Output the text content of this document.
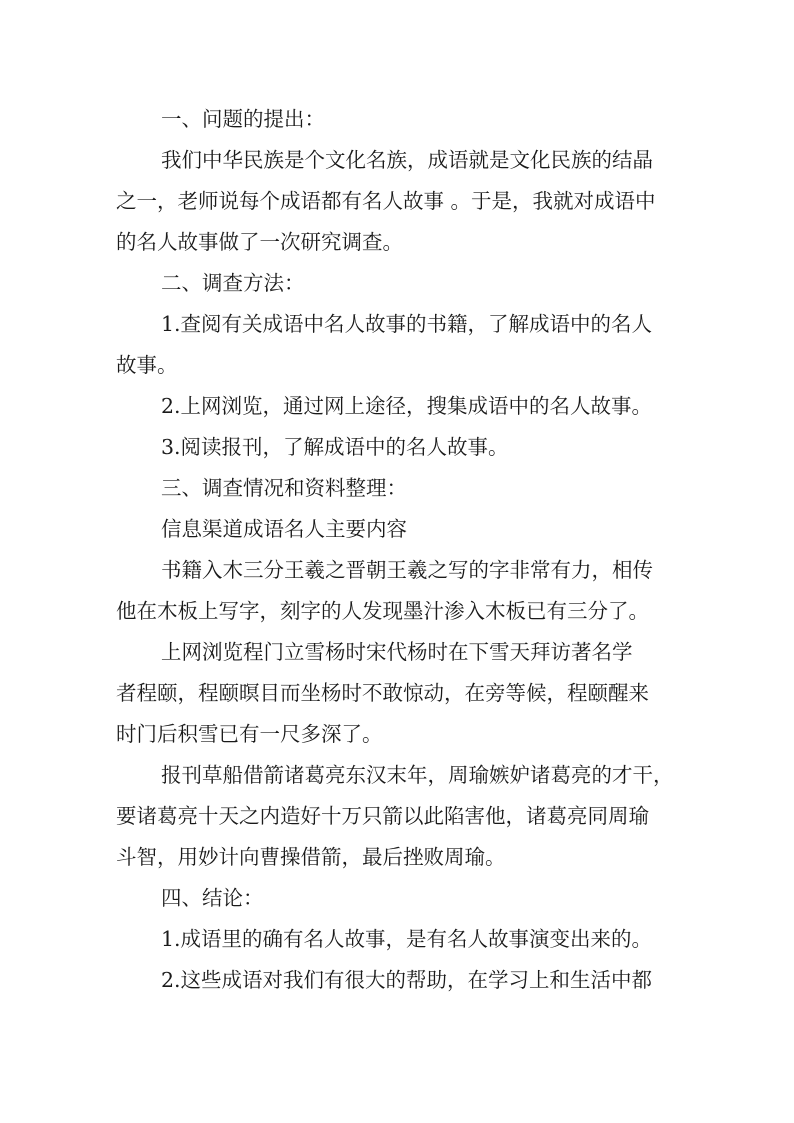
一、问题的提出：

我们中华民族是个文化名族，成语就是文化民族的结晶

之一，老师说每个成语都有名人故事 。于是，我就对成语中

的名人故事做了一次研究调查。

二、调查方法：

1.查阅有关成语中名人故事的书籍，了解成语中的名人

故事。

2.上网浏览，通过网上途径，搜集成语中的名人故事。

3.阅读报刊，了解成语中的名人故事。

三、调查情况和资料整理：

信息渠道成语名人主要内容

书籍入木三分王羲之晋朝王羲之写的字非常有力，相传

他在木板上写字，刻字的人发现墨汁渗入木板已有三分了。

上网浏览程门立雪杨时宋代杨时在下雪天拜访著名学

者程颐，程颐暝目而坐杨时不敢惊动，在旁等候，程颐醒来

时门后积雪已有一尺多深了。

报刊草船借箭诸葛亮东汉末年，周瑜嫉妒诸葛亮的才干，

要诸葛亮十天之内造好十万只箭以此陷害他，诸葛亮同周瑜

斗智，用妙计向曹操借箭，最后挫败周瑜。

四、结论：

1.成语里的确有名人故事，是有名人故事演变出来的。

2.这些成语对我们有很大的帮助，在学习上和生活中都
